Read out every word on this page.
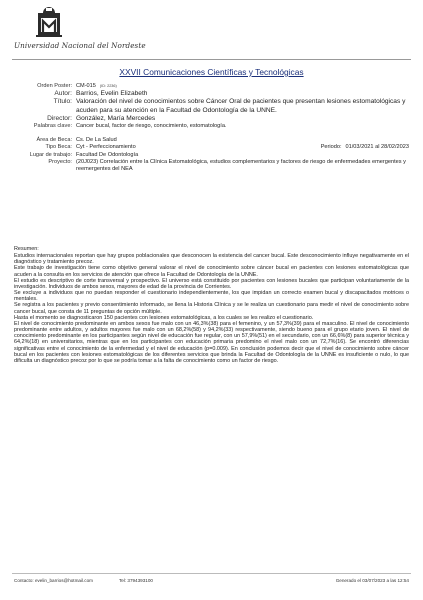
Universidad Nacional del Nordeste
XXVII Comunicaciones Científicas y Tecnológicas
Orden Poster: CM-015 (ID: 2236)
Autor: Barrios, Evelin Elizabeth
Título: Valoración del nivel de conocimientos sobre Cáncer Oral de pacientes que presentan lesiones estomatológicas y acuden para su atención en la Facultad de Odontología de la UNNE.
Director: González, María Mercedes
Palabras clave: Cancer bucal, factor de riesgo, conocimiento, estomatología.
Área de Beca: Cs. De La Salud
Tipo Beca: Cyt - Perfeccionamiento	Periodo: 01/03/2021 al 28/02/2023
Lugar de trabajo: Facultad De Odontología
Proyecto: (20J023) Correlación entre la Clínica Estomatológica, estudios complementarios y factores de riesgo de enfermedades emergentes y reemergentes del NEA

Resumen:

Estudios internacionales reportan que hay grupos poblacionales que desconocen la existencia del cancer bucal. Este desconocimiento influye negativamente en el diagnóstico y tratamiento precoz.

Este trabajo de investigación tiene como objetivo general valorar el nivel de conocimiento sobre cáncer bucal en pacientes con lesiones estomatológicas que acuden a la consulta en los servicios de atención que ofrece la Facultad de Odontología de la UNNE.

El estudio es descriptivo de corte transversal y prospectivo. El universo está constituido por pacientes con lesiones bucales que participan voluntariamente de la investigación. Individuos de ambos sexos, mayores de edad de la provincia de Corrientes.

Se excluye a individuos que no puedan responder el cuestionario independientemente, los que impidan un correcto examen bucal y discapacitados motrices o mentales.

Se registra a los pacientes y previo consentimiento informado, se llena la Historia Clínica y se le realiza un cuestionario para medir el nivel de conocimiento sobre cancer bucal, que consta de 11 preguntas de opción múltiple.

Hasta el momento se diagnosticaron 150 pacientes con lesiones estomatológicas, a los cuales se les realizo el cuestionario.

El nivel de conocimiento predominante en ambos sexos fue malo con un 46,3%(38) para el femenino, y un 57,3%(39) para el masculino. El nivel de conocimiento predominante entre adultos, y adultos mayores fue malo con un 68,2%(58) y 94,2%(33) respectivamente, siendo bueno para el grupo etario joven. El nivel de conocimiento predominante en los participantes según nivel de educación fue regular, con un 57,9%(51) en el secundario, con un 66,6%(8) para superior técnica y 64,2%(18) en universitarios, mientras que en los participantes con educación primaria predomino el nivel malo con un 72,7%(16). Se encontró diferencias significativas entre el conocimiento de la enfermedad y el nivel de educación (p=0.009). En conclusión podemos decir que el nivel de conocimiento sobre cáncer bucal en los pacientes con lesiones estomatológicas de los diferentes servicios que brinda la Facultad de Odontología de la UNNE es insuficiente o nulo, lo que dificulta un diagnóstico precoz por lo que se podría tomar a la falta de conocimiento como un factor de riesgo.

Contacto: evelin_barrios@hotmail.com	Tel: 3794393100	Generado el 03/07/2023 a las 12:54
